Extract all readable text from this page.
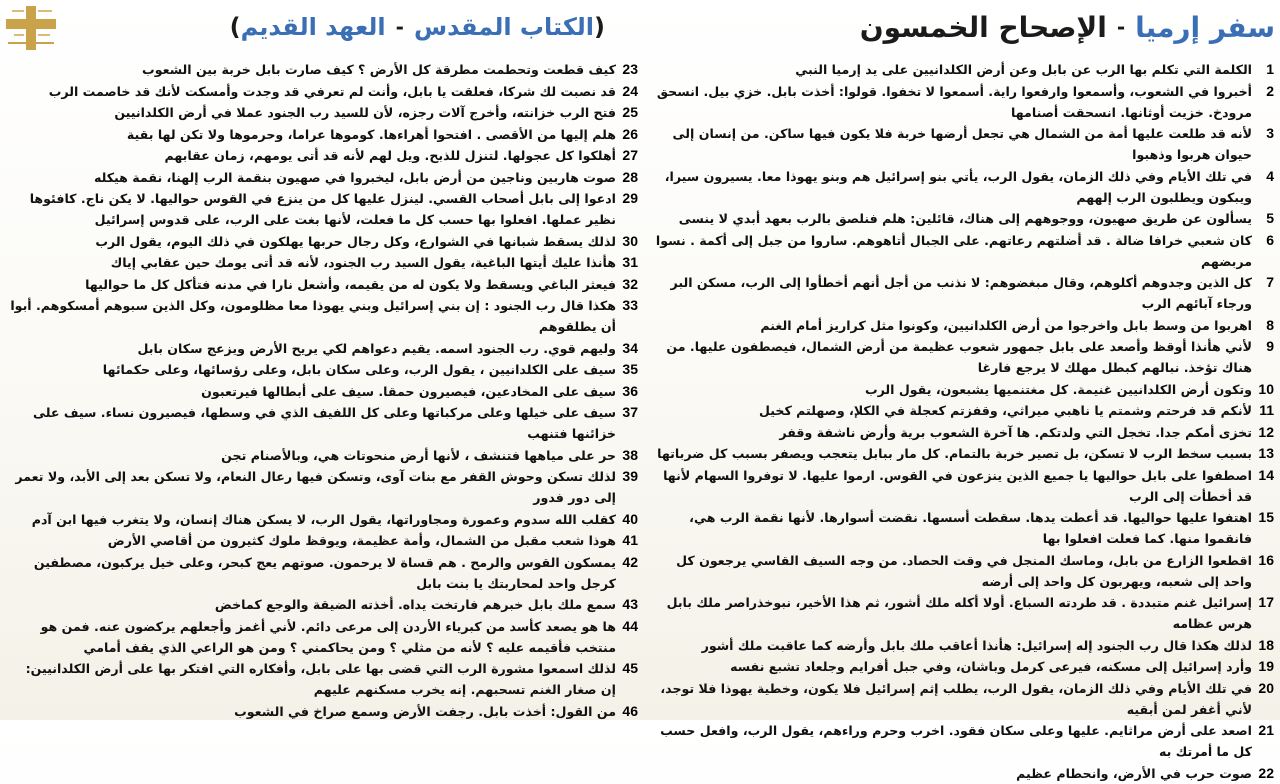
سفر إرميا
-
الإصحاح الخمسون
(
الكتاب المقدس
-
العهد القديم
)
1
الكلمة التي تكلم بها الرب عن بابل وعن أرض الكلدانيين على يد إرميا النبي
2
أخبروا في الشعوب، وأسمعوا وارفعوا راية. أسمعوا لا تخفوا. قولوا: أخذت بابل. خزي بيل. انسحق مرودخ. خزيت أوثانها. انسحقت أصنامها
3
لأنه قد طلعت عليها أمة من الشمال هي تجعل أرضها خربة فلا يكون فيها ساكن. من إنسان إلى حيوان هربوا وذهبوا
4
في تلك الأيام وفي ذلك الزمان، يقول الرب، يأتي بنو إسرائيل هم وبنو يهوذا معا. يسيرون سيرا، ويبكون ويطلبون الرب إلههم
5
يسألون عن طريق صهيون، ووجوههم إلى هناك، قائلين: هلم فنلصق بالرب بعهد أبدي لا ينسى
6
كان شعبي خرافا ضالة . قد أضلتهم رعاتهم. على الجبال أتاهوهم. ساروا من جبل إلى أكمة . نسوا مربضهم
7
كل الذين وجدوهم أكلوهم، وقال مبغضوهم: لا نذنب من أجل أنهم أخطأوا إلى الرب، مسكن البر ورجاء آبائهم الرب
8
اهربوا من وسط بابل واخرجوا من أرض الكلدانيين، وكونوا مثل كراريز أمام الغنم
9
لأني هأنذا أوقظ وأصعد على بابل جمهور شعوب عظيمة من أرض الشمال، فيصطفون عليها. من هناك تؤخذ. نبالهم كبطل مهلك لا يرجع فارغا
10
وتكون أرض الكلدانيين غنيمة. كل مغتنميها يشبعون، يقول الرب
11
لأنكم قد فرحتم وشمتم يا ناهبي ميراثي، وقفزتم كعجلة في الكلإ، وصهلتم كخيل
12
تخزى أمكم جدا. تخجل التي ولدتكم. ها آخرة الشعوب برية وأرض ناشفة وقفر
13
بسبب سخط الرب لا تسكن، بل تصير خربة بالتمام. كل مار ببابل يتعجب ويصفر بسبب كل ضرباتها
14
اصطفوا على بابل حواليها يا جميع الذين ينزعون في القوس. ارموا عليها. لا توفروا السهام لأنها قد أخطأت إلى الرب
15
اهتفوا عليها حواليها. قد أعطت يدها. سقطت أسسها. نقضت أسوارها. لأنها نقمة الرب هي، فانقموا منها. كما فعلت افعلوا بها
16
اقطعوا الزارع من بابل، وماسك المنجل في وقت الحصاد. من وجه السيف القاسي يرجعون كل واحد إلى شعبه، ويهربون كل واحد إلى أرضه
17
إسرائيل غنم متبددة . قد طردته السباع. أولا أكله ملك أشور، ثم هذا الأخير، نبوخذراصر ملك بابل هرس عظامه
18
لذلك هكذا قال رب الجنود إله إسرائيل: هأنذا أعاقب ملك بابل وأرضه كما عاقبت ملك أشور
19
وأرد إسرائيل إلى مسكنه، فيرعى كرمل وباشان، وفي جبل أفرايم وجلعاد تشبع نفسه
20
في تلك الأيام وفي ذلك الزمان، يقول الرب، يطلب إثم إسرائيل فلا يكون، وخطية يهوذا فلا توجد، لأني أغفر لمن أبقيه
21
اصعد على أرض مراثايم. عليها وعلى سكان فقود. اخرب وحرم وراءهم، يقول الرب، وافعل حسب كل ما أمرتك به
22
صوت حرب في الأرض، وانحطام عظيم
23
كيف قطعت وتحطمت مطرقة كل الأرض ؟ كيف صارت بابل خربة بين الشعوب
24
قد نصبت لك شركا، فعلقت يا بابل، وأنت لم تعرفي قد وجدت وأمسكت لأنك قد خاصمت الرب
25
فتح الرب خزانته، وأخرج آلات رجزه، لأن للسيد رب الجنود عملا في أرض الكلدانيين
26
هلم إليها من الأقصى . افتحوا أهراءها. كوموها عراما، وحرموها ولا تكن لها بقية
27
أهلكوا كل عجولها. لتنزل للذبح. ويل لهم لأنه قد أتى يومهم، زمان عقابهم
28
صوت هاربين وناجين من أرض بابل، ليخبروا في صهيون بنقمة الرب إلهنا، نقمة هيكله
29
ادعوا إلى بابل أصحاب القسي. لينزل عليها كل من ينزع في القوس حواليها. لا يكن ناج. كافئوها نظير عملها. افعلوا بها حسب كل ما فعلت، لأنها بغت على الرب، على قدوس إسرائيل
30
لذلك يسقط شبانها في الشوارع، وكل رجال حربها يهلكون في ذلك اليوم، يقول الرب
31
هأنذا عليك أيتها الباغية، يقول السيد رب الجنود، لأنه قد أتى يومك حين عقابي إياك
32
فيعثر الباغي ويسقط ولا يكون له من يقيمه، وأشعل نارا في مدنه فتأكل كل ما حواليها
33
هكذا قال رب الجنود : إن بني إسرائيل وبني يهوذا معا مظلومون، وكل الذين سبوهم أمسكوهم. أبوا أن يطلقوهم
34
وليهم قوي. رب الجنود اسمه. يقيم دعواهم لكي يريح الأرض ويزعج سكان بابل
35
سيف على الكلدانيين ، يقول الرب، وعلى سكان بابل، وعلى رؤسائها، وعلى حكمائها
36
سيف على المخادعين، فيصيرون حمقا. سيف على أبطالها فيرتعبون
37
سيف على خيلها وعلى مركباتها وعلى كل اللفيف الذي في وسطها، فيصيرون نساء. سيف على خزائنها فتنهب
38
حر على مياهها فتنشف ، لأنها أرض منحوتات هي، وبالأصنام تجن
39
لذلك تسكن وحوش القفر مع بنات آوى، وتسكن فيها رعال النعام، ولا تسكن بعد إلى الأبد، ولا تعمر إلى دور فدور
40
كقلب الله سدوم وعمورة ومجاوراتها، يقول الرب، لا يسكن هناك إنسان، ولا يتغرب فيها ابن آدم
41
هوذا شعب مقبل من الشمال، وأمة عظيمة، ويوقظ ملوك كثيرون من أقاصي الأرض
42
يمسكون القوس والرمح . هم قساة لا يرحمون. صوتهم يعج كبحر، وعلى خيل يركبون، مصطفين كرجل واحد لمحاربتك يا بنت بابل
43
سمع ملك بابل خبرهم فارتخت يداه. أخذته الضيقة والوجع كماخض
44
ها هو يصعد كأسد من كبرياء الأردن إلى مرعى دائم. لأني أغمز وأجعلهم يركضون عنه. فمن هو منتخب فأقيمه عليه ؟ لأنه من مثلي ؟ ومن يحاكمني ؟ ومن هو الراعي الذي يقف أمامي
45
لذلك اسمعوا مشورة الرب التي قضى بها على بابل، وأفكاره التي افتكر بها على أرض الكلدانيين: إن صغار الغنم تسحبهم. إنه يخرب مسكنهم عليهم
46
من القول: أخذت بابل. رجفت الأرض وسمع صراخ في الشعوب
